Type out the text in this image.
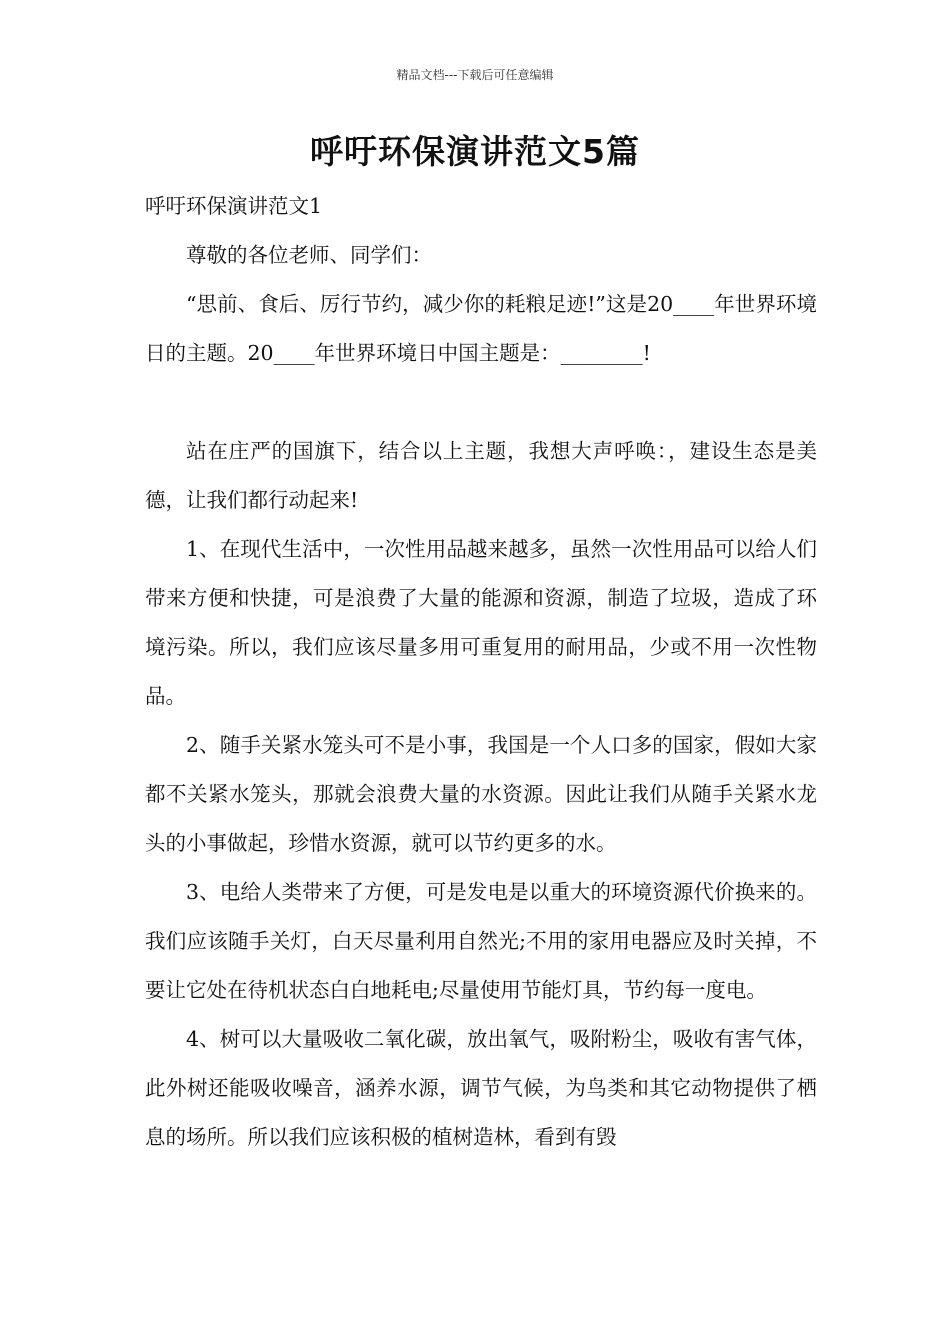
精品文档---下载后可任意编辑
呼吁环保演讲范文5篇

呼吁环保演讲范文1

尊敬的各位老师、同学们：

“思前、食后、厉行节约，减少你的耗粮足迹!”这是20____年世界环境日的主题。20____年世界环境日中国主题是：________!

站在庄严的国旗下，结合以上主题，我想大声呼唤：，建设生态是美德，让我们都行动起来!

1、在现代生活中，一次性用品越来越多，虽然一次性用品可以给人们带来方便和快捷，可是浪费了大量的能源和资源，制造了垃圾，造成了环境污染。所以，我们应该尽量多用可重复用的耐用品，少或不用一次性物品。

2、随手关紧水笼头可不是小事，我国是一个人口多的国家，假如大家都不关紧水笼头，那就会浪费大量的水资源。因此让我们从随手关紧水龙头的小事做起，珍惜水资源，就可以节约更多的水。

3、电给人类带来了方便，可是发电是以重大的环境资源代价换来的。我们应该随手关灯，白天尽量利用自然光;不用的家用电器应及时关掉，不要让它处在待机状态白白地耗电;尽量使用节能灯具，节约每一度电。

4、树可以大量吸收二氧化碳，放出氧气，吸附粉尘，吸收有害气体，此外树还能吸收噪音，涵养水源，调节气候，为鸟类和其它动物提供了栖息的场所。所以我们应该积极的植树造林，看到有毁
